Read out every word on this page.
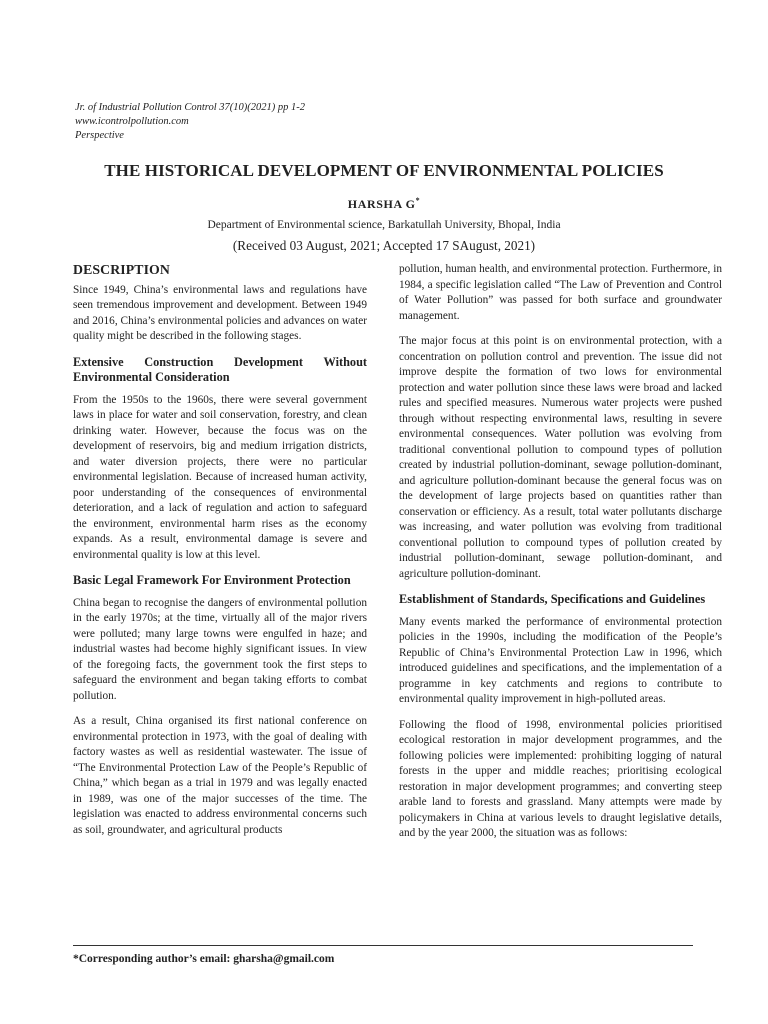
Jr. of Industrial Pollution Control 37(10)(2021) pp 1-2
www.icontrolpollution.com
Perspective
THE HISTORICAL DEVELOPMENT OF ENVIRONMENTAL POLICIES
HARSHA G*
Department of Environmental science, Barkatullah University, Bhopal, India
(Received 03 August, 2021; Accepted 17 SAugust, 2021)
DESCRIPTION

Since 1949, China’s environmental laws and regulations have seen tremendous improvement and development. Between 1949 and 2016, China’s environmental policies and advances on water quality might be described in the following stages.

Extensive Construction Development Without Environmental Consideration

From the 1950s to the 1960s, there were several government laws in place for water and soil conservation, forestry, and clean drinking water. However, because the focus was on the development of reservoirs, big and medium irrigation districts, and water diversion projects, there were no particular environmental legislation. Because of increased human activity, poor understanding of the consequences of environmental deterioration, and a lack of regulation and action to safeguard the environment, environmental harm rises as the economy expands. As a result, environmental damage is severe and environmental quality is low at this level.

Basic Legal Framework For Environment Protection

China began to recognise the dangers of environmental pollution in the early 1970s; at the time, virtually all of the major rivers were polluted; many large towns were engulfed in haze; and industrial wastes had become highly significant issues. In view of the foregoing facts, the government took the first steps to safeguard the environment and began taking efforts to combat pollution.

As a result, China organised its first national conference on environmental protection in 1973, with the goal of dealing with factory wastes as well as residential wastewater. The issue of “The Environmental Protection Law of the People’s Republic of China,” which began as a trial in 1979 and was legally enacted in 1989, was one of the major successes of the time. The legislation was enacted to address environmental concerns such as soil, groundwater, and agricultural products

pollution, human health, and environmental protection. Furthermore, in 1984, a specific legislation called “The Law of Prevention and Control of Water Pollution” was passed for both surface and groundwater management.

The major focus at this point is on environmental protection, with a concentration on pollution control and prevention. The issue did not improve despite the formation of two lows for environmental protection and water pollution since these laws were broad and lacked rules and specified measures. Numerous water projects were pushed through without respecting environmental laws, resulting in severe environmental consequences. Water pollution was evolving from traditional conventional pollution to compound types of pollution created by industrial pollution-dominant, sewage pollution-dominant, and agriculture pollution-dominant because the general focus was on the development of large projects based on quantities rather than conservation or efficiency. As a result, total water pollutants discharge was increasing, and water pollution was evolving from traditional conventional pollution to compound types of pollution created by industrial pollution-dominant, sewage pollution-dominant, and agriculture pollution-dominant.

Establishment of Standards, Specifications and Guidelines

Many events marked the performance of environmental protection policies in the 1990s, including the modification of the People’s Republic of China’s Environmental Protection Law in 1996, which introduced guidelines and specifications, and the implementation of a programme in key catchments and regions to contribute to environmental quality improvement in high-polluted areas.

Following the flood of 1998, environmental policies prioritised ecological restoration in major development programmes, and the following policies were implemented: prohibiting logging of natural forests in the upper and middle reaches; prioritising ecological restoration in major development programmes; and converting steep arable land to forests and grassland. Many attempts were made by policymakers in China at various levels to draught legislative details, and by the year 2000, the situation was as follows:

*Corresponding author’s email: gharsha@gmail.com
